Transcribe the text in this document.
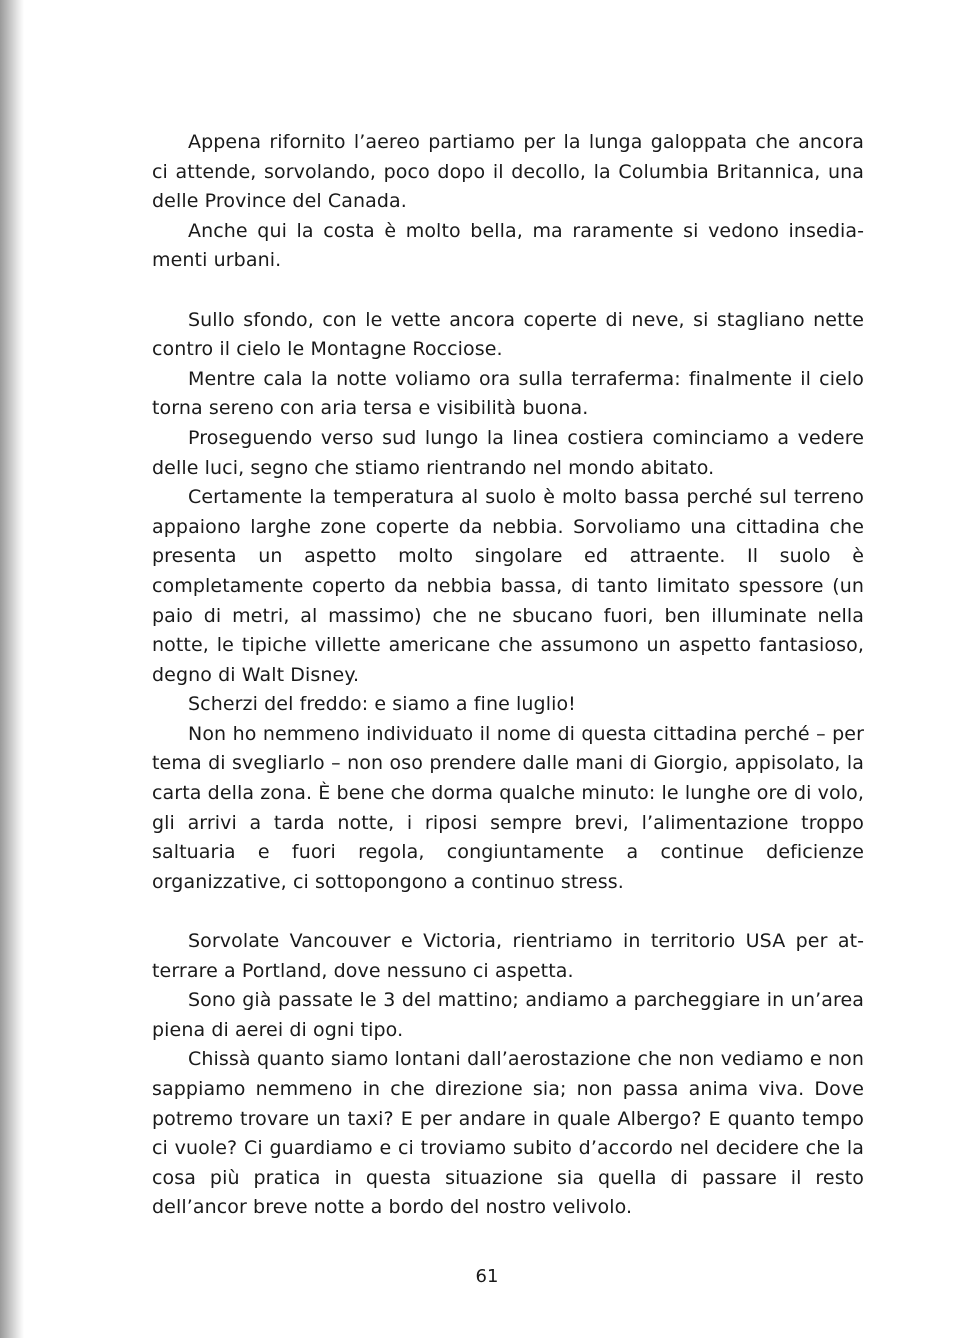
Appena rifornito l’aereo partiamo per la lunga galoppata che ancora ci attende, sorvolando, poco dopo il decollo, la Columbia Britannica, una delle Province del Canada.

Anche qui la costa è molto bella, ma raramente si vedono insediamenti urbani.

Sullo sfondo, con le vette ancora coperte di neve, si stagliano nette contro il cielo le Montagne Rocciose.

Mentre cala la notte voliamo ora sulla terraferma: finalmente il cielo torna sereno con aria tersa e visibilità buona.

Proseguendo verso sud lungo la linea costiera cominciamo a vedere delle luci, segno che stiamo rientrando nel mondo abitato.

Certamente la temperatura al suolo è molto bassa perché sul terreno appaiono larghe zone coperte da nebbia. Sorvoliamo una cittadina che presenta un aspetto molto singolare ed attraente. Il suolo è completamente coperto da nebbia bassa, di tanto limitato spessore (un paio di metri, al massimo) che ne sbucano fuori, ben illuminate nella notte, le tipiche villette americane che assumono un aspetto fantasioso, degno di Walt Disney.

Scherzi del freddo: e siamo a fine luglio!

Non ho nemmeno individuato il nome di questa cittadina perché – per tema di svegliarlo – non oso prendere dalle mani di Giorgio, appisolato, la carta della zona. È bene che dorma qualche minuto: le lunghe ore di volo, gli arrivi a tarda notte, i riposi sempre brevi, l’alimentazione troppo saltuaria e fuori regola, congiuntamente a continue deficienze organizzative, ci sottopongono a continuo stress.

Sorvolate Vancouver e Victoria, rientriamo in territorio USA per atterrare a Portland, dove nessuno ci aspetta.

Sono già passate le 3 del mattino; andiamo a parcheggiare in un’area piena di aerei di ogni tipo.

Chissà quanto siamo lontani dall’aerostazione che non vediamo e non sappiamo nemmeno in che direzione sia; non passa anima viva. Dove potremo trovare un taxi? E per andare in quale Albergo? E quanto tempo ci vuole? Ci guardiamo e ci troviamo subito d’accordo nel decidere che la cosa più pratica in questa situazione sia quella di passare il resto dell’ancor breve notte a bordo del nostro velivolo.

61
